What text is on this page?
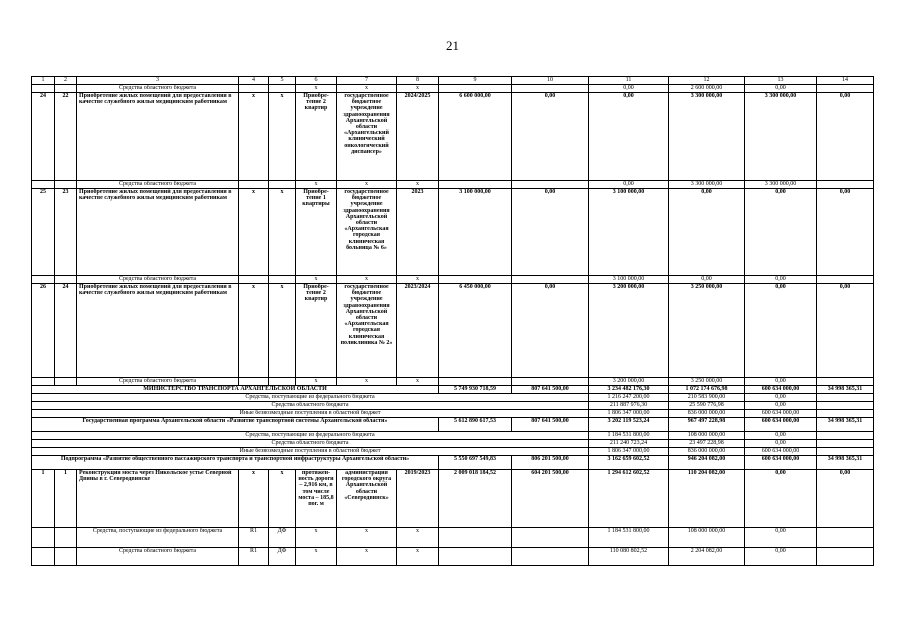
21
1	2	3	4	5	6	7	8	9	10	11	12	13	14
		Средства областного бюджета			x	x	x			0,00	2 600 000,00	0,00	
24	22	Приобретение жилых помещений для предоставления в качестве служебного жилья медицинским работникам	x	x	Приобре-тение 2 квартир	государственное бюджетное учреждение здравоохранения Архангельской области «Архангельский клинический онкологический диспансер»	2024/2025	6 600 000,00	0,00	0,00	3 300 000,00	3 300 000,00	0,00
		Средства областного бюджета			x	x	x			0,00	3 300 000,00	3 300 000,00	
25	23	Приобретение жилых помещений для предоставления в качестве служебного жилья медицинским работникам	x	x	Приобре-тение 1 квартиры	государственное бюджетное учреждение здравоохранения Архангельской области «Архангельская городская клиническая больница № 6»	2023	3 100 000,00	0,00	3 100 000,00	0,00	0,00	0,00
		Средства областного бюджета			x	x	x			3 100 000,00	0,00	0,00	
26	24	Приобретение жилых помещений для предоставления в качестве служебного жилья медицинским работникам	x	x	Приобре-тение 2 квартир	государственное бюджетное учреждение здравоохранения Архангельской области «Архангельская городская клиническая поликлиника № 2»	2023/2024	6 450 000,00	0,00	3 200 000,00	3 250 000,00	0,00	0,00
		Средства областного бюджета			x	x	x			3 200 000,00	3 250 000,00	0,00	
МИНИСТЕРСТВО ТРАНСПОРТА АРХАНГЕЛЬСКОЙ ОБЛАСТИ								5 749 930 718,59	807 641 500,00	3 234 482 176,30	1 072 174 676,98	600 634 000,00	34 998 365,31
Средства, поступающие из федерального бюджета										1 216 247 200,00	210 583 900,00	0,00	
Средства областного бюджета										211 887 976,30	25 590 776,98	0,00	
Иные безвозмездные поступления в областной бюджет										1 806 347 000,00	836 000 000,00	600 634 000,00	
Государственная программа Архангельской области «Развитие транспортной системы Архангельской области»								5 612 890 617,53	807 641 500,00	3 202 119 523,24	967 497 228,98	600 634 000,00	34 998 365,31
Средства, поступающие из федерального бюджета										1 184 531 800,00	108 000 000,00	0,00	
Средства областного бюджета										211 240 723,24	23 497 228,98	0,00	
Иные безвозмездные поступления в областной бюджет										1 806 347 000,00	836 000 000,00	600 634 000,00	
Подпрограмма «Развитие общественного пассажирского транспорта и транспортной инфраструктуры Архангельской области»								5 550 697 549,83	806 201 500,00	3 162 659 602,52	946 204 082,00	600 634 000,00	34 998 365,31
1	1	Реконструкция моста через Никольское устье Северной Двины в г. Северодвинске	x	x	протяжен-ность дороги – 2,916 км, в том числе моста – 185,8 пог. м	администрация городского округа Архангельской области «Северодвинск»	2019/2023	2 009 018 184,52	604 201 500,00	1 294 612 602,52	110 204 082,00	0,00	0,00
		Средства, поступающие из федерального бюджета	R1	ДФ	x	x	x			1 184 531 800,00	108 000 000,00	0,00	
		Средства областного бюджета	R1	ДФ	x	x	x			110 080 802,52	2 204 082,00	0,00	
